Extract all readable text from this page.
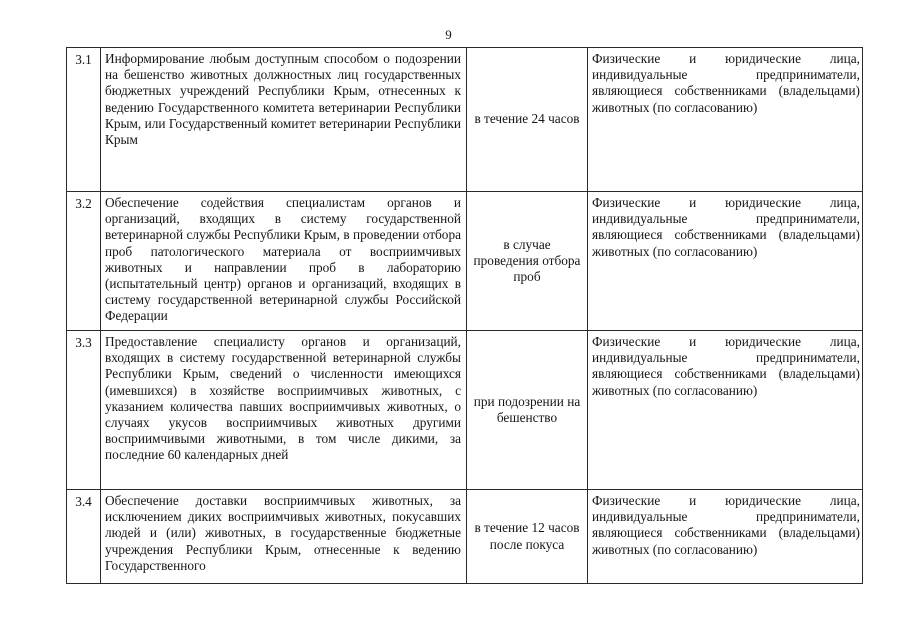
9
3.1	Информирование любым доступным способом о подозрении на бешенство животных должностных лиц государственных бюджетных учреждений Республики Крым, отнесенных к ведению Государственного комитета ветеринарии Республики Крым, или Государственный комитет ветеринарии Республики Крым	в течение 24 часов	Физические и юридические лица, индивидуальные предприниматели, являющиеся собственниками (владельцами) животных (по согласованию)
3.2	Обеспечение содействия специалистам органов и организаций, входящих в систему государственной ветеринарной службы Республики Крым, в проведении отбора проб патологического материала от восприимчивых животных и направлении проб в лабораторию (испытательный центр) органов и организаций, входящих в систему государственной ветеринарной службы Российской Федерации	в случае проведения отбора проб	Физические и юридические лица, индивидуальные предприниматели, являющиеся собственниками (владельцами) животных (по согласованию)
3.3	Предоставление специалисту органов и организаций, входящих в систему государственной ветеринарной службы Республики Крым, сведений о численности имеющихся (имевшихся) в хозяйстве восприимчивых животных, с указанием количества павших восприимчивых животных, о случаях укусов восприимчивых животных другими восприимчивыми животными, в том числе дикими, за последние 60 календарных дней	при подозрении на бешенство	Физические и юридические лица, индивидуальные предприниматели, являющиеся собственниками (владельцами) животных (по согласованию)
3.4	Обеспечение доставки восприимчивых животных, за исключением диких восприимчивых животных, покусавших людей и (или) животных, в государственные бюджетные учреждения Республики Крым, отнесенные к ведению Государственного	в течение 12 часов после покуса	Физические и юридические лица, индивидуальные предприниматели, являющиеся собственниками (владельцами) животных (по согласованию)
